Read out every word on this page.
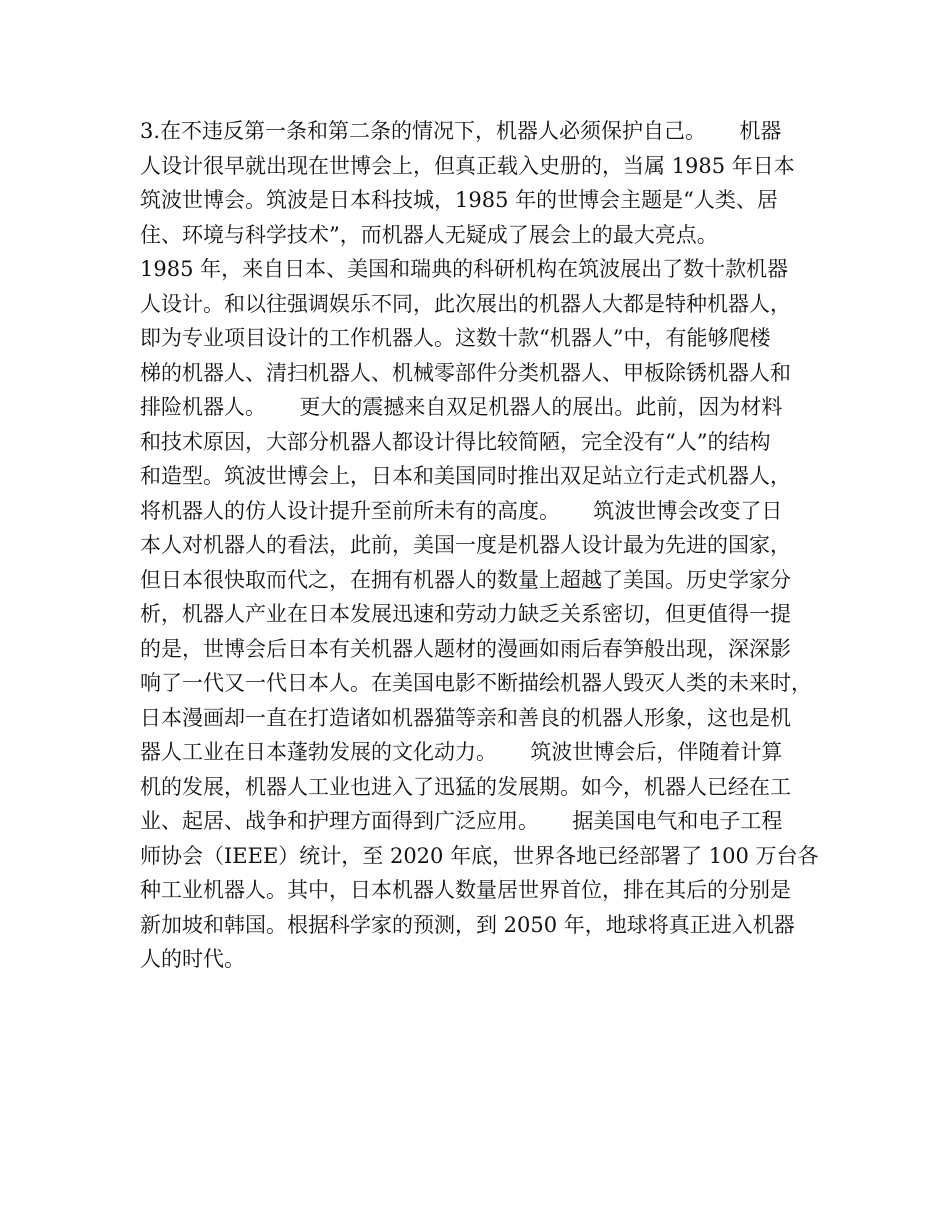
3.在不违反第一条和第二条的情况下，机器人必须保护自己。     机器
人设计很早就出现在世博会上，但真正载入史册的，当属 1985 年日本
筑波世博会。筑波是日本科技城，1985 年的世博会主题是“人类、居
住、环境与科学技术”，而机器人无疑成了展会上的最大亮点。
1985 年，来自日本、美国和瑞典的科研机构在筑波展出了数十款机器
人设计。和以往强调娱乐不同，此次展出的机器人大都是特种机器人，
即为专业项目设计的工作机器人。这数十款“机器人”中，有能够爬楼
梯的机器人、清扫机器人、机械零部件分类机器人、甲板除锈机器人和
排险机器人。     更大的震撼来自双足机器人的展出。此前，因为材料
和技术原因，大部分机器人都设计得比较简陋，完全没有“人”的结构
和造型。筑波世博会上，日本和美国同时推出双足站立行走式机器人，
将机器人的仿人设计提升至前所未有的高度。     筑波世博会改变了日
本人对机器人的看法，此前，美国一度是机器人设计最为先进的国家，
但日本很快取而代之，在拥有机器人的数量上超越了美国。历史学家分
析，机器人产业在日本发展迅速和劳动力缺乏关系密切，但更值得一提
的是，世博会后日本有关机器人题材的漫画如雨后春笋般出现，深深影
响了一代又一代日本人。在美国电影不断描绘机器人毁灭人类的未来时，
日本漫画却一直在打造诸如机器猫等亲和善良的机器人形象，这也是机
器人工业在日本蓬勃发展的文化动力。     筑波世博会后，伴随着计算
机的发展，机器人工业也进入了迅猛的发展期。如今，机器人已经在工
业、起居、战争和护理方面得到广泛应用。     据美国电气和电子工程
师协会（IEEE）统计，至 2020 年底，世界各地已经部署了 100 万台各
种工业机器人。其中，日本机器人数量居世界首位，排在其后的分别是
新加坡和韩国。根据科学家的预测，到 2050 年，地球将真正进入机器
人的时代。
